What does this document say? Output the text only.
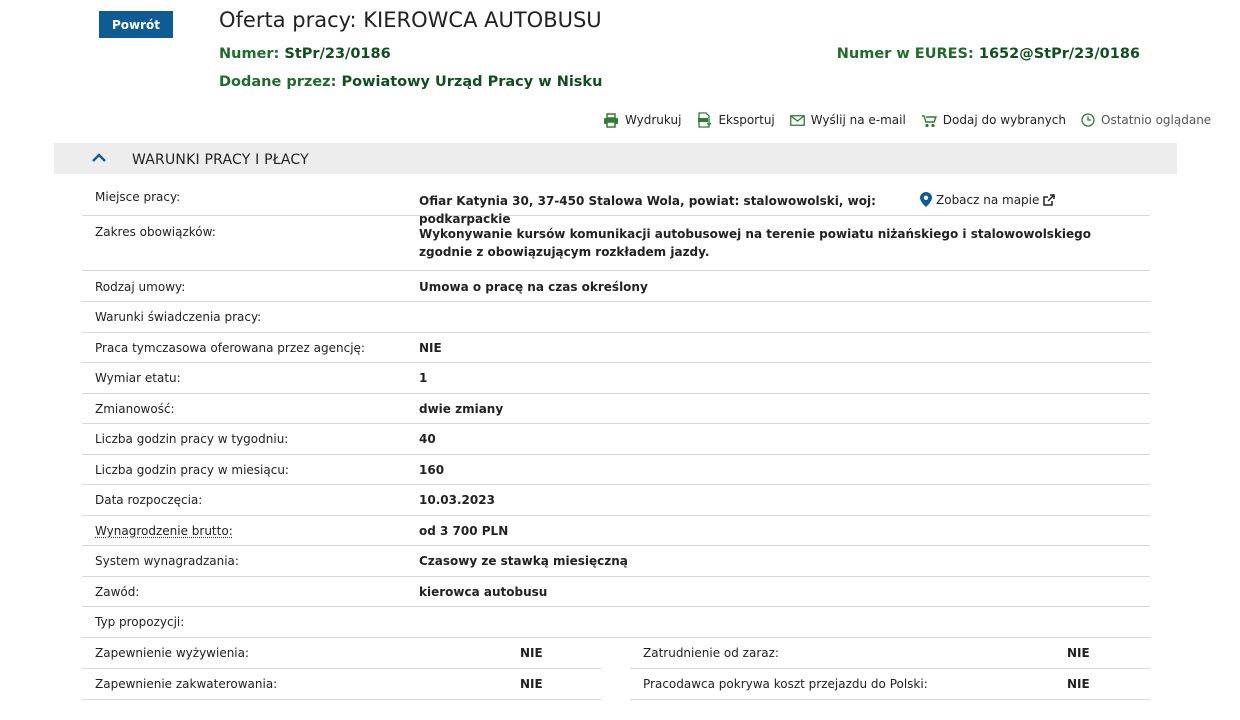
Powrót	Oferta pracy: KIEROWCA AUTOBUSU
Numer: StPr/23/0186	Numer w EURES: 1652@StPr/23/0186
Dodane przez: Powiatowy Urząd Pracy w Nisku
Wydrukuj	Eksportuj	Wyślij na e-mail	Dodaj do wybranych	Ostatnio oglądane
WARUNKI PRACY I PŁACY
Miejsce pracy:	Ofiar Katynia 30, 37-450 Stalowa Wola, powiat: stalowowolski, woj: podkarpackie
Zobacz na mapie
Zakres obowiązków:	Wykonywanie kursów komunikacji autobusowej na terenie powiatu niżańskiego i stalowowolskiego zgodnie z obowiązującym rozkładem jazdy.
Rodzaj umowy:	Umowa o pracę na czas określony
Warunki świadczenia pracy:
Praca tymczasowa oferowana przez agencję:	NIE
Wymiar etatu:	1
Zmianowość:	dwie zmiany
Liczba godzin pracy w tygodniu:	40
Liczba godzin pracy w miesiącu:	160
Data rozpoczęcia:	10.03.2023
Wynagrodzenie brutto:	od 3 700 PLN
System wynagradzania:	Czasowy ze stawką miesięczną
Zawód:	kierowca autobusu
Typ propozycji:
Zapewnienie wyżywienia:	NIE	Zatrudnienie od zaraz:	NIE
Zapewnienie zakwaterowania:	NIE	Pracodawca pokrywa koszt przejazdu do Polski:	NIE
